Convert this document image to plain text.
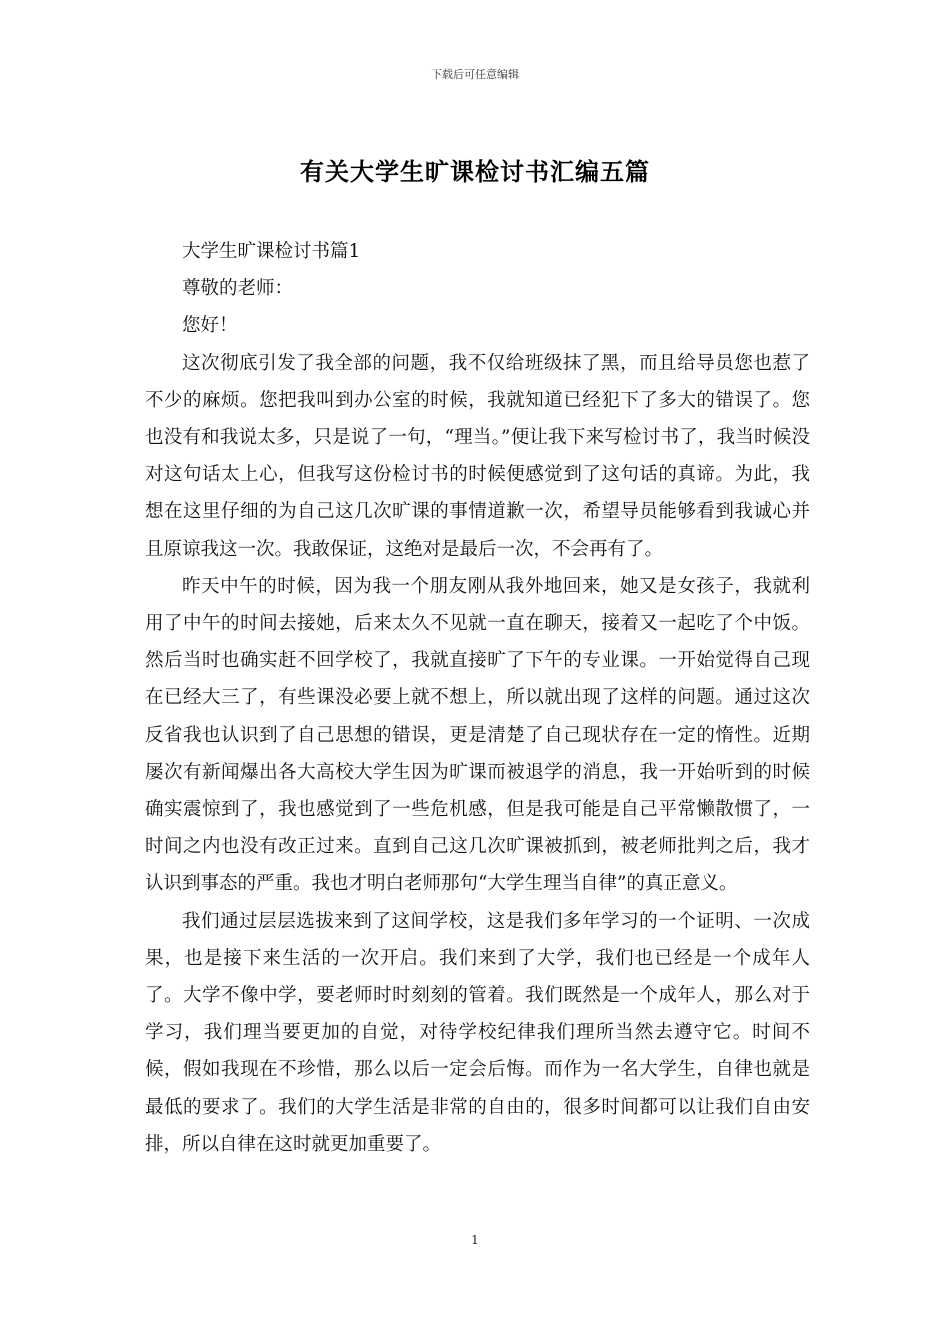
下载后可任意编辑
有关大学生旷课检讨书汇编五篇

大学生旷课检讨书篇1

尊敬的老师：

您好！

这次彻底引发了我全部的问题，我不仅给班级抹了黑，而且给导员您也惹了不少的麻烦。您把我叫到办公室的时候，我就知道已经犯下了多大的错误了。您也没有和我说太多，只是说了一句，“理当。”便让我下来写检讨书了，我当时候没对这句话太上心，但我写这份检讨书的时候便感觉到了这句话的真谛。为此，我想在这里仔细的为自己这几次旷课的事情道歉一次，希望导员能够看到我诚心并且原谅我这一次。我敢保证，这绝对是最后一次，不会再有了。

昨天中午的时候，因为我一个朋友刚从我外地回来，她又是女孩子，我就利用了中午的时间去接她，后来太久不见就一直在聊天，接着又一起吃了个中饭。然后当时也确实赶不回学校了，我就直接旷了下午的专业课。一开始觉得自己现在已经大三了，有些课没必要上就不想上，所以就出现了这样的问题。通过这次反省我也认识到了自己思想的错误，更是清楚了自己现状存在一定的惰性。近期屡次有新闻爆出各大高校大学生因为旷课而被退学的消息，我一开始听到的时候确实震惊到了，我也感觉到了一些危机感，但是我可能是自己平常懒散惯了，一时间之内也没有改正过来。直到自己这几次旷课被抓到，被老师批判之后，我才认识到事态的严重。我也才明白老师那句“大学生理当自律”的真正意义。

我们通过层层选拔来到了这间学校，这是我们多年学习的一个证明、一次成果，也是接下来生活的一次开启。我们来到了大学，我们也已经是一个成年人了。大学不像中学，要老师时时刻刻的管着。我们既然是一个成年人，那么对于学习，我们理当要更加的自觉，对待学校纪律我们理所当然去遵守它。时间不候，假如我现在不珍惜，那么以后一定会后悔。而作为一名大学生，自律也就是最低的要求了。我们的大学生活是非常的自由的，很多时间都可以让我们自由安排，所以自律在这时就更加重要了。

1
